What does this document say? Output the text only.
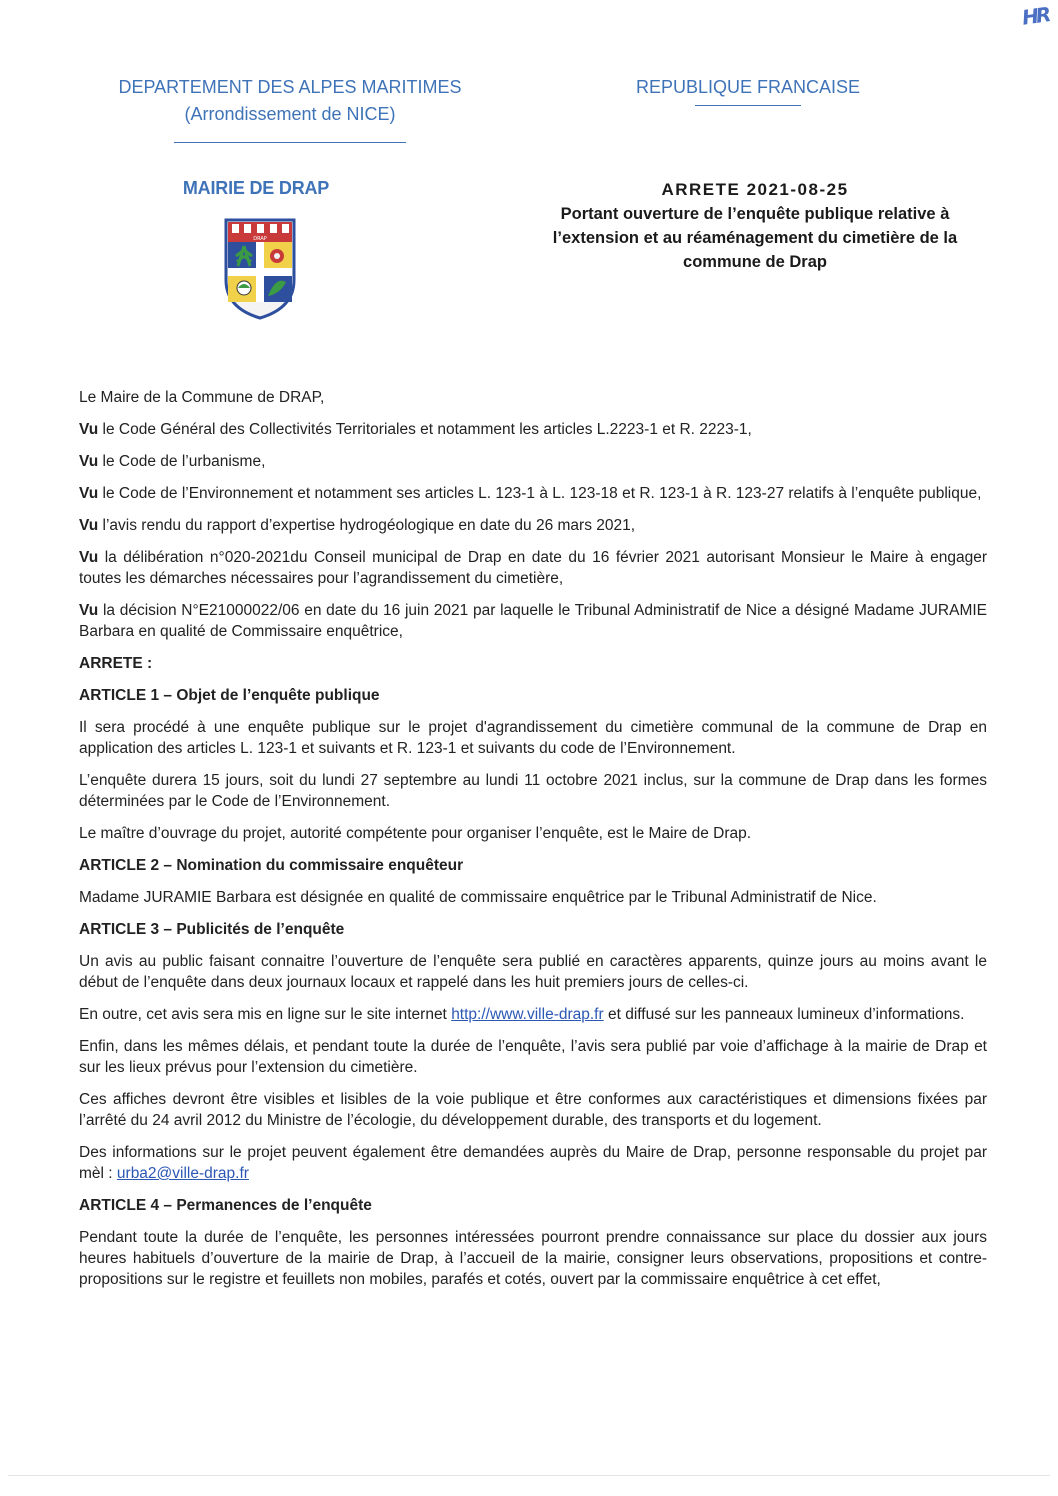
HR
DEPARTEMENT DES ALPES MARITIMES
(Arrondissement de NICE)
REPUBLIQUE FRANCAISE
MAIRIE DE DRAP
DRAP
ARRETE 2021-08-25
Portant ouverture de l’enquête publique relative à
l’extension et au réaménagement du cimetière de la
commune de Drap

Le Maire de la Commune de DRAP,

Vu le Code Général des Collectivités Territoriales et notamment les articles L.2223-1 et R. 2223-1,

Vu le Code de l’urbanisme,

Vu le Code de l’Environnement et notamment ses articles L. 123-1 à L. 123-18 et R. 123-1 à R. 123-27 relatifs à l’enquête publique,

Vu l’avis rendu du rapport d’expertise hydrogéologique en date du 26 mars 2021,

Vu la délibération n°020-2021du Conseil municipal de Drap en date du 16 février 2021 autorisant Monsieur le Maire à engager toutes les démarches nécessaires pour l’agrandissement du cimetière,

Vu la décision N°E21000022/06 en date du 16 juin 2021 par laquelle le Tribunal Administratif de Nice a désigné Madame JURAMIE Barbara en qualité de Commissaire enquêtrice,

ARRETE :
ARTICLE 1 – Objet de l’enquête publique

Il sera procédé à une enquête publique sur le projet d'agrandissement du cimetière communal de la commune de Drap en application des articles L. 123-1 et suivants et R. 123-1 et suivants du code de l’Environnement.

L’enquête durera 15 jours, soit du lundi 27 septembre au lundi 11 octobre 2021 inclus, sur la commune de Drap dans les formes déterminées par le Code de l’Environnement.

Le maître d’ouvrage du projet, autorité compétente pour organiser l’enquête, est le Maire de Drap.

ARTICLE 2 – Nomination du commissaire enquêteur

Madame JURAMIE Barbara est désignée en qualité de commissaire enquêtrice par le Tribunal Administratif de Nice.

ARTICLE 3 – Publicités de l’enquête

Un avis au public faisant connaitre l’ouverture de l’enquête sera publié en caractères apparents, quinze jours au moins avant le début de l’enquête dans deux journaux locaux et rappelé dans les huit premiers jours de celles-ci.

En outre, cet avis sera mis en ligne sur le site internet http://www.ville-drap.fr et diffusé sur les panneaux lumineux d’informations.

Enfin, dans les mêmes délais, et pendant toute la durée de l’enquête, l’avis sera publié par voie d’affichage à la mairie de Drap et sur les lieux prévus pour l’extension du cimetière.

Ces affiches devront être visibles et lisibles de la voie publique et être conformes aux caractéristiques et dimensions fixées par l’arrêté du 24 avril 2012 du Ministre de l’écologie, du développement durable, des transports et du logement.

Des informations sur le projet peuvent également être demandées auprès du Maire de Drap, personne responsable du projet par mèl : urba2@ville-drap.fr

ARTICLE 4 – Permanences de l’enquête

Pendant toute la durée de l’enquête, les personnes intéressées pourront prendre connaissance sur place du dossier aux jours heures habituels d’ouverture de la mairie de Drap, à l’accueil de la mairie, consigner leurs observations, propositions et contre-propositions sur le registre et feuillets non mobiles, parafés et cotés, ouvert par la commissaire enquêtrice à cet effet,
